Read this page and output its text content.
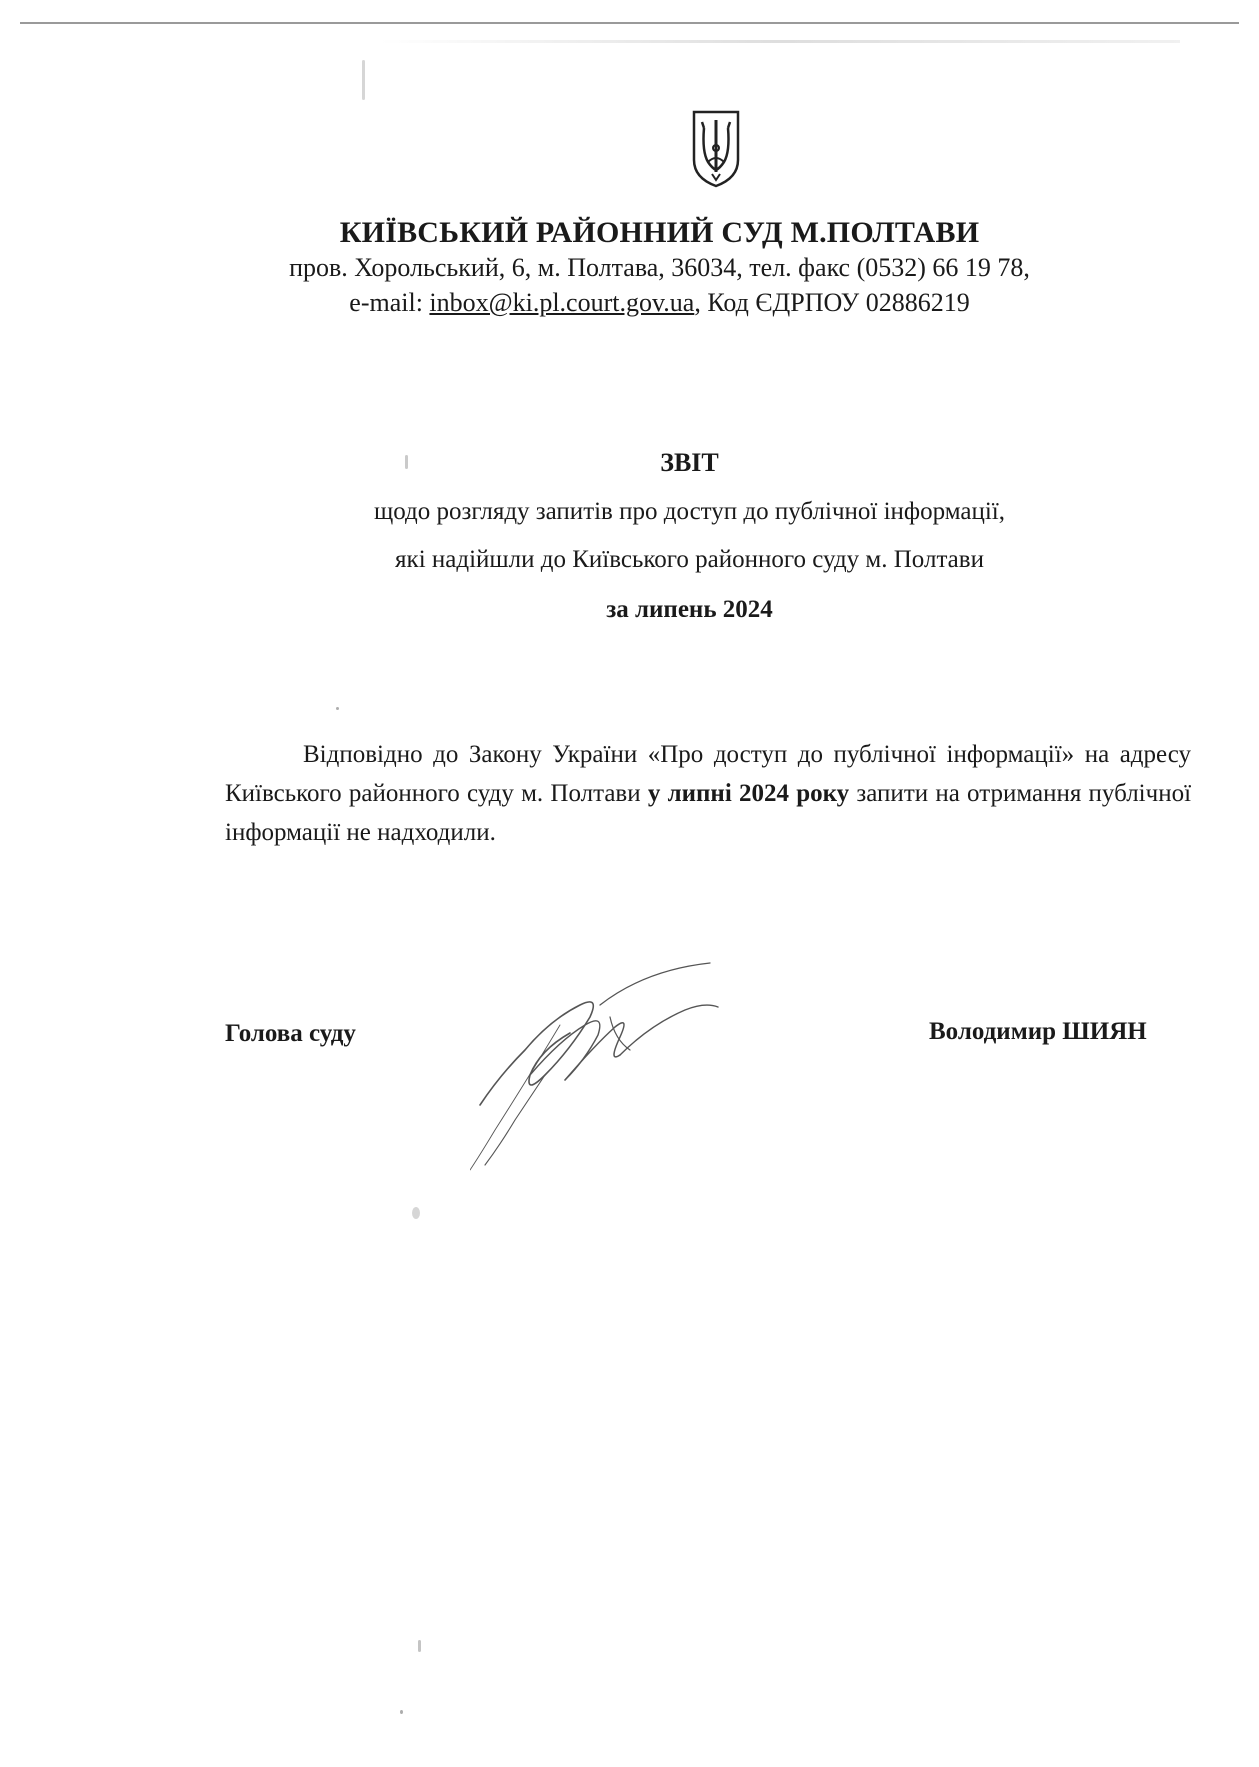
КИЇВСЬКИЙ РАЙОННИЙ СУД М.ПОЛТАВИ
пров. Хорольський, 6, м. Полтава, 36034, тел. факс (0532) 66 19 78,
e-mail: inbox@ki.pl.court.gov.ua, Код ЄДРПОУ 02886219
ЗВІТ
щодо розгляду запитів про доступ до публічної інформації,
які надійшли до Київського районного суду м. Полтави
за липень 2024
Відповідно до Закону України «Про доступ до публічної інформації» на адресу Київського районного суду м. Полтави у липні 2024 року запити на отримання публічної інформації не надходили.
Голова суду	Володимир ШИЯН
